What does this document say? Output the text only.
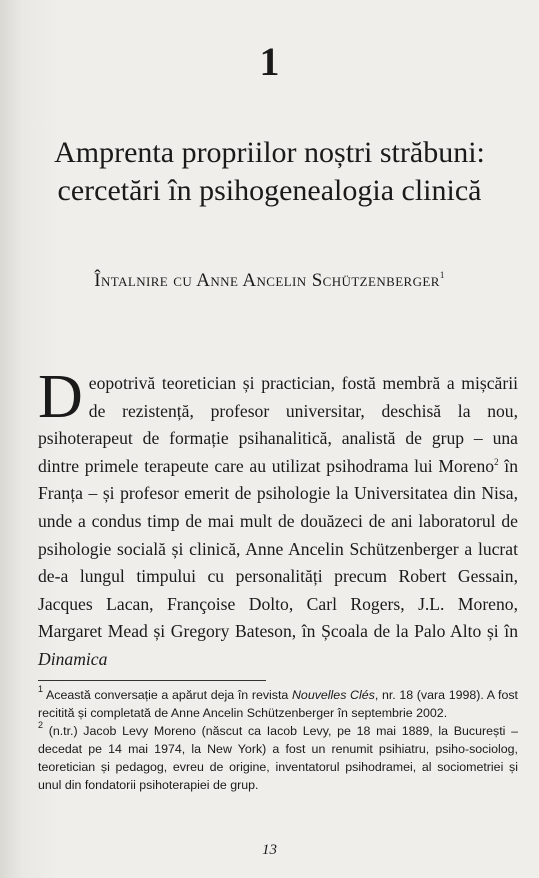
1
Amprenta propriilor noștri străbuni: cercetări în psihogenealogia clinică
Întalnire cu Anne Ancelin Schützenberger$^1$
Deopotrivă teoretician și practician, fostă membră a mișcării de rezistență, profesor universitar, deschisă la nou, psihoterapeut de formație psihanalitică, analistă de grup – una dintre primele terapeute care au utilizat psihodrama lui Moreno$^2$ în Franța – și profesor emerit de psihologie la Universitatea din Nisa, unde a condus timp de mai mult de douăzeci de ani laboratorul de psihologie socială și clinică, Anne Ancelin Schützenberger a lucrat de-a lungul timpului cu personalități precum Robert Gessain, Jacques Lacan, Françoise Dolto, Carl Rogers, J.L. Moreno, Margaret Mead și Gregory Bateson, în Școala de la Palo Alto și în Dinamica

$^1$ Această conversație a apărut deja în revista Nouvelles Clés, nr. 18 (vara 1998). A fost recitită și completată de Anne Ancelin Schützenberger în septembrie 2002.

$^2$ (n.tr.) Jacob Levy Moreno (născut ca Iacob Levy, pe 18 mai 1889, la București – decedat pe 14 mai 1974, la New York) a fost un renumit psihiatru, psiho-sociolog, teoretician și pedagog, evreu de origine, inventatorul psihodramei, al sociometriei și unul din fondatorii psihoterapiei de grup.

13
